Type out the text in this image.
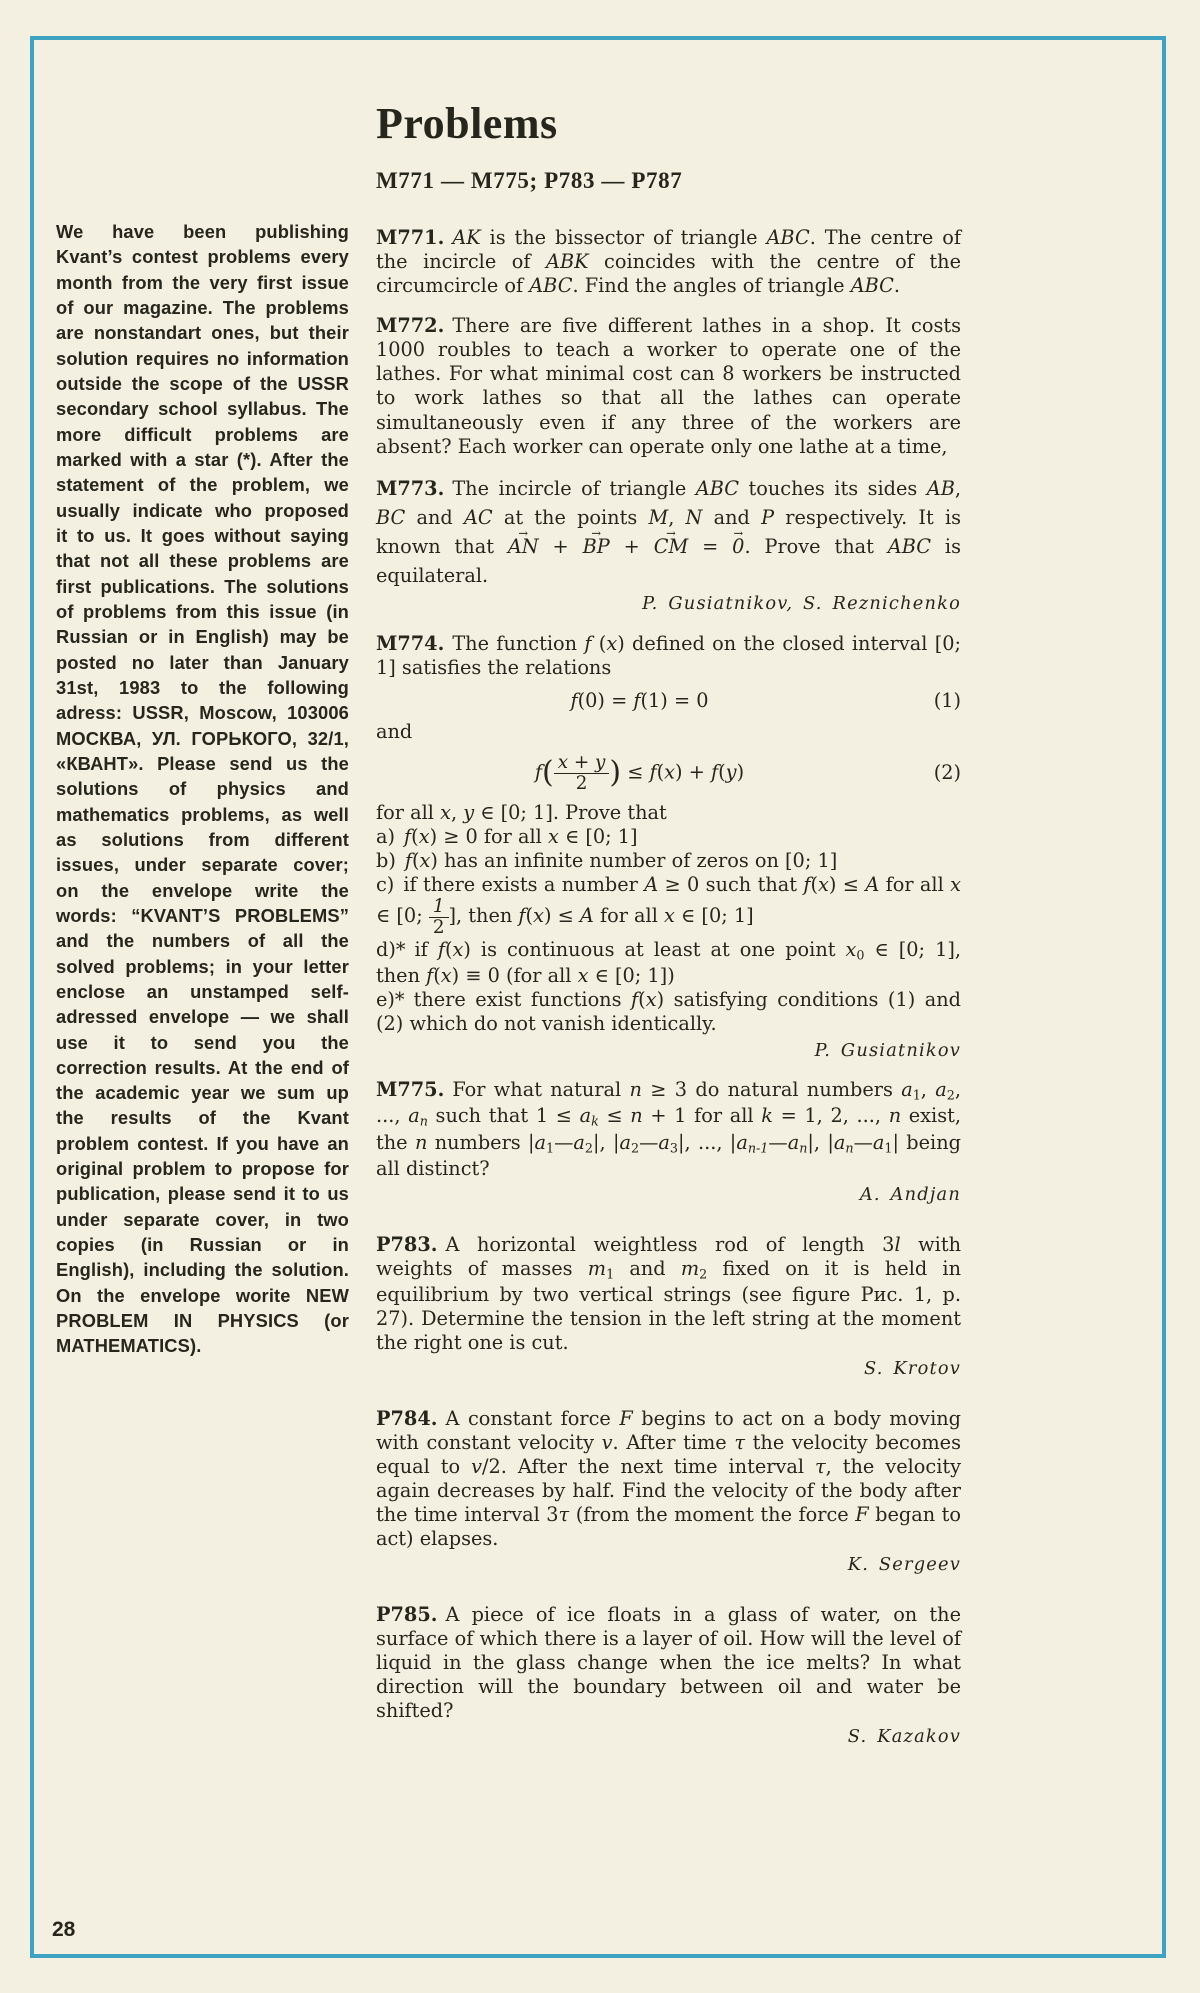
We have been publishing Kvant’s contest problems every month from the very first issue of our magazine. The problems are nonstandart ones, but their solution requires no information outside the scope of the USSR secondary school syllabus. The more difficult problems are marked with a star (*). After the statement of the problem, we usually indicate who proposed it to us. It goes without saying that not all these problems are first publications. The solutions of problems from this issue (in Russian or in English) may be posted no later than January 31st, 1983 to the following adress: USSR, Moscow, 103006 МОСКВА, УЛ. ГОРЬКОГО, 32/1, «КВАНТ». Please send us the solutions of physics and mathematics problems, as well as solutions from different issues, under separate cover; on the envelope write the words: “KVANT’S PROBLEMS” and the numbers of all the solved problems; in your letter enclose an unstamped self-adressed envelope — we shall use it to send you the correction results. At the end of the academic year we sum up the results of the Kvant problem contest. If you have an original problem to propose for publication, please send it to us under separate cover, in two copies (in Russian or in English), including the solution. On the envelope worite NEW PROBLEM IN PHYSICS (or MATHEMATICS).

Problems
M771 — M775; P783 — P787

M771. AK is the bissector of triangle ABC. The centre of the incircle of ABK coincides with the centre of the circumcircle of ABC. Find the angles of triangle ABC.

M772. There are five different lathes in a shop. It costs 1000 roubles to teach a worker to operate one of the lathes. For what minimal cost can 8 workers be instructed to work lathes so that all the lathes can operate simultaneously even if any three of the workers are absent? Each worker can operate only one lathe at a time,

M773. The incircle of triangle ABC touches its sides AB, BC and AC at the points M, N and P respectively. It is known that AN → + BP → + CM → = 0 →. Prove that ABC is equilateral.

P. Gusiatnikov, S. Reznichenko

M774. The function f (x) defined on the closed interval [0; 1] satisfies the relations

f(0) = f(1) = 0	(1)

and

$f( \frac{x + y}{2}$ ) ≤ f(x) + f(y)	(2)

for all x, y ∈ [0; 1]. Prove that

a) f(x) ≥ 0 for all x ∈ [0; 1]

b) f(x) has an infinite number of zeros on [0; 1]

c) if there exists a number A ≥ 0 such that f(x) ≤ A for all x ∈ [0; $\frac{1}{2}$ ], then f(x) ≤ A for all x ∈ [0; 1]

d)* if f(x) is continuous at least at one point x0 ∈ [0; 1], then f(x) ≡ 0 (for all x ∈ [0; 1])

e)* there exist functions f(x) satisfying conditions (1) and (2) which do not vanish identically.

P. Gusiatnikov

M775. For what natural n ≥ 3 do natural numbers a1, a2, ..., an such that 1 ≤ ak ≤ n + 1 for all k = 1, 2, ..., n exist, the n numbers |a1—a2|, |a2—a3|, ..., |an-1—an|, |an—a1| being all distinct?

A. Andjan

P783. A horizontal weightless rod of length 3l with weights of masses m1 and m2 fixed on it is held in equilibrium by two vertical strings (see figure Рис. 1, p. 27). Determine the tension in the left string at the moment the right one is cut.

S. Krotov

P784. A constant force F begins to act on a body moving with constant velocity v. After time τ the velocity becomes equal to v/2. After the next time interval τ, the velocity again decreases by half. Find the velocity of the body after the time interval 3τ (from the moment the force F began to act) elapses.

K. Sergeev

P785. A piece of ice floats in a glass of water, on the surface of which there is a layer of oil. How will the level of liquid in the glass change when the ice melts? In what direction will the boundary between oil and water be shifted?

S. Kazakov

28
